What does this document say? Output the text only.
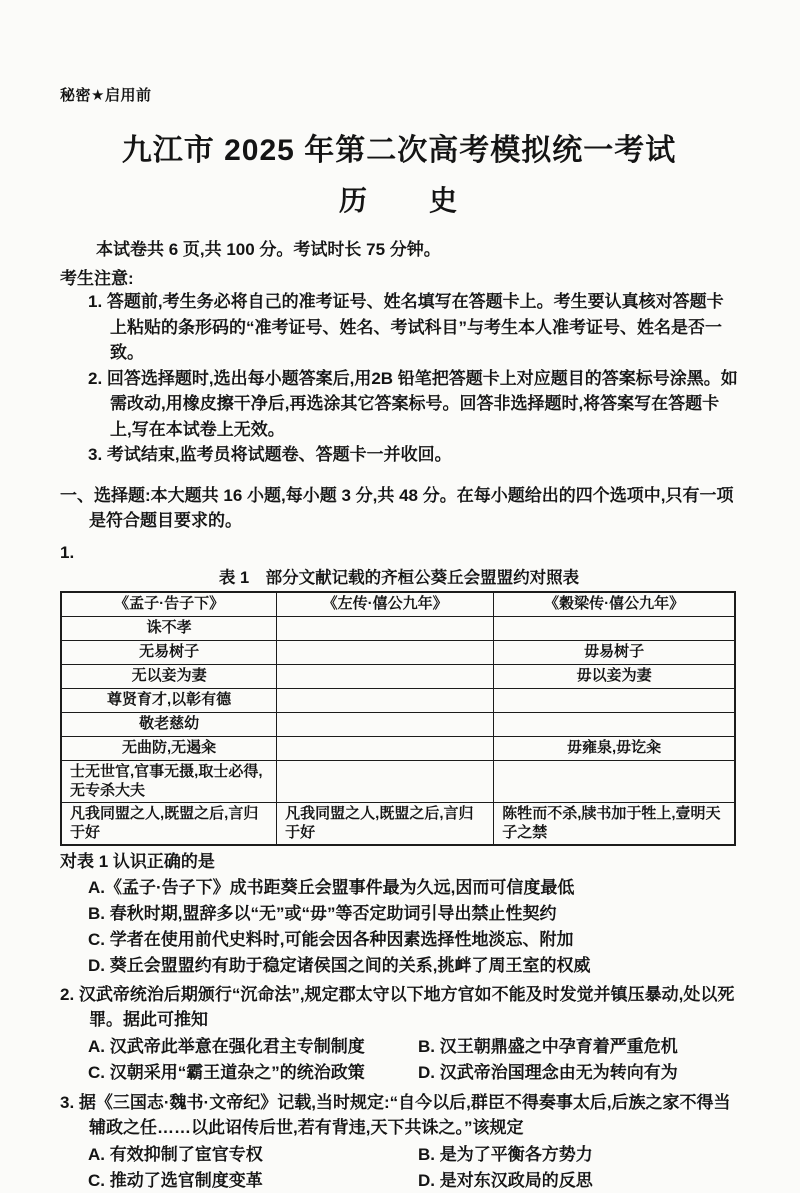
秘密★启用前
九江市 2025 年第二次高考模拟统一考试
历　　史

本试卷共 6 页,共 100 分。考试时长 75 分钟。

考生注意:

1. 答题前,考生务必将自己的准考证号、姓名填写在答题卡上。考生要认真核对答题卡上粘贴的条形码的“准考证号、姓名、考试科目”与考生本人准考证号、姓名是否一致。
2. 回答选择题时,选出每小题答案后,用2B 铅笔把答题卡上对应题目的答案标号涂黑。如需改动,用橡皮擦干净后,再选涂其它答案标号。回答非选择题时,将答案写在答题卡上,写在本试卷上无效。
3. 考试结束,监考员将试题卷、答题卡一并收回。
一、选择题:本大题共 16 小题,每小题 3 分,共 48 分。在每小题给出的四个选项中,只有一项是符合题目要求的。
1.
表 1　部分文献记载的齐桓公葵丘会盟盟约对照表
《孟子·告子下》	《左传·僖公九年》	《穀梁传·僖公九年》
诛不孝		
无易树子		毋易树子
无以妾为妻		毋以妾为妻
尊贤育才,以彰有德		
敬老慈幼		
无曲防,无遏籴		毋雍泉,毋讫籴
士无世官,官事无摄,取士必得,无专杀大夫		
凡我同盟之人,既盟之后,言归于好	凡我同盟之人,既盟之后,言归于好	陈牲而不杀,牍书加于牲上,壹明天子之禁
对表 1 认识正确的是
A.《孟子·告子下》成书距葵丘会盟事件最为久远,因而可信度最低
B. 春秋时期,盟辞多以“无”或“毋”等否定助词引导出禁止性契约
C. 学者在使用前代史料时,可能会因各种因素选择性地淡忘、附加
D. 葵丘会盟盟约有助于稳定诸侯国之间的关系,挑衅了周王室的权威
2. 汉武帝统治后期颁行“沉命法”,规定郡太守以下地方官如不能及时发觉并镇压暴动,处以死罪。据此可推知
A. 汉武帝此举意在强化君主专制制度	B. 汉王朝鼎盛之中孕育着严重危机
C. 汉朝采用“霸王道杂之”的统治政策	D. 汉武帝治国理念由无为转向有为
3. 据《三国志·魏书·文帝纪》记载,当时规定:“自今以后,群臣不得奏事太后,后族之家不得当辅政之任……以此诏传后世,若有背违,天下共诛之。”该规定
A. 有效抑制了宦官专权	B. 是为了平衡各方势力
C. 推动了选官制度变革	D. 是对东汉政局的反思
